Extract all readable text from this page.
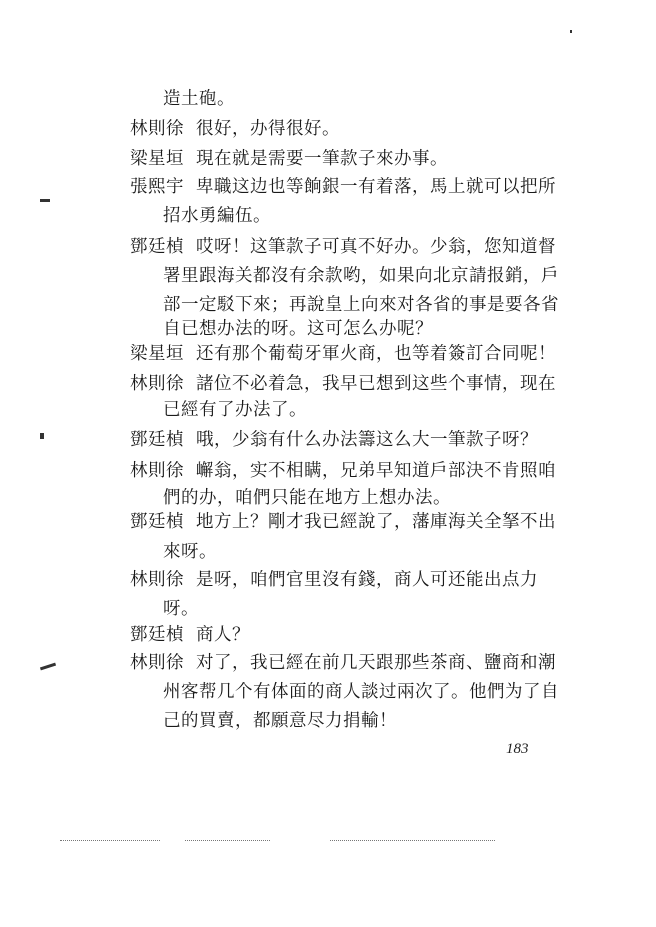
造土砲。
林則徐 很好，办得很好。
梁星垣 現在就是需要一筆款子來办事。
張熙宇 卑職这边也等餉銀一有着落，馬上就可以把所
招水勇編伍。
鄧廷楨 哎呀！这筆款子可真不好办。少翁，您知道督
署里跟海关都沒有余款哟，如果向北京請报銷，戶
部一定駁下來；再說皇上向來对各省的事是要各省
自已想办法的呀。这可怎么办呢？
梁星垣 还有那个葡萄牙軍火商，也等着簽訂合同呢！
林則徐 諸位不必着急，我早已想到这些个事情，现在
已經有了办法了。
鄧廷楨 哦，少翁有什么办法籌这么大一筆款子呀？
林則徐 嶰翁，实不相瞒，兄弟早知道戶部決不肯照咱
們的办，咱們只能在地方上想办法。
鄧廷楨 地方上？剛才我已經說了，藩庫海关全拏不出
來呀。
林則徐 是呀，咱們官里沒有錢，商人可还能出点力
呀。
鄧廷楨 商人？
林則徐 对了，我已經在前几天跟那些茶商、鹽商和潮
州客帮几个有体面的商人談过兩次了。他們为了自
己的買賣，都願意尽力捐輸！
183
